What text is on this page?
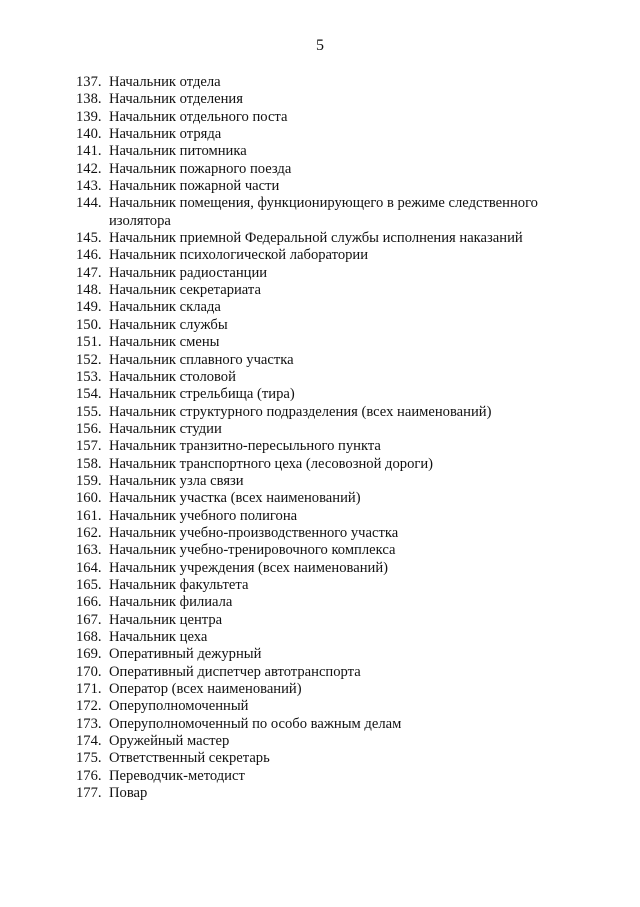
5
137. Начальник отдела
138. Начальник отделения
139. Начальник отдельного поста
140. Начальник отряда
141. Начальник питомника
142. Начальник пожарного поезда
143. Начальник пожарной части
144. Начальник помещения, функционирующего в режиме следственного изолятора
145. Начальник приемной Федеральной службы исполнения наказаний
146. Начальник психологической лаборатории
147. Начальник радиостанции
148. Начальник секретариата
149. Начальник склада
150. Начальник службы
151. Начальник смены
152. Начальник сплавного участка
153. Начальник столовой
154. Начальник стрельбища (тира)
155. Начальник структурного подразделения (всех наименований)
156. Начальник студии
157. Начальник транзитно-пересыльного пункта
158. Начальник транспортного цеха (лесовозной дороги)
159. Начальник узла связи
160. Начальник участка (всех наименований)
161. Начальник учебного полигона
162. Начальник учебно-производственного участка
163. Начальник учебно-тренировочного комплекса
164. Начальник учреждения (всех наименований)
165. Начальник факультета
166. Начальник филиала
167. Начальник центра
168. Начальник цеха
169. Оперативный дежурный
170. Оперативный диспетчер автотранспорта
171. Оператор (всех наименований)
172. Оперуполномоченный
173. Оперуполномоченный по особо важным делам
174. Оружейный мастер
175. Ответственный секретарь
176. Переводчик-методист
177. Повар
